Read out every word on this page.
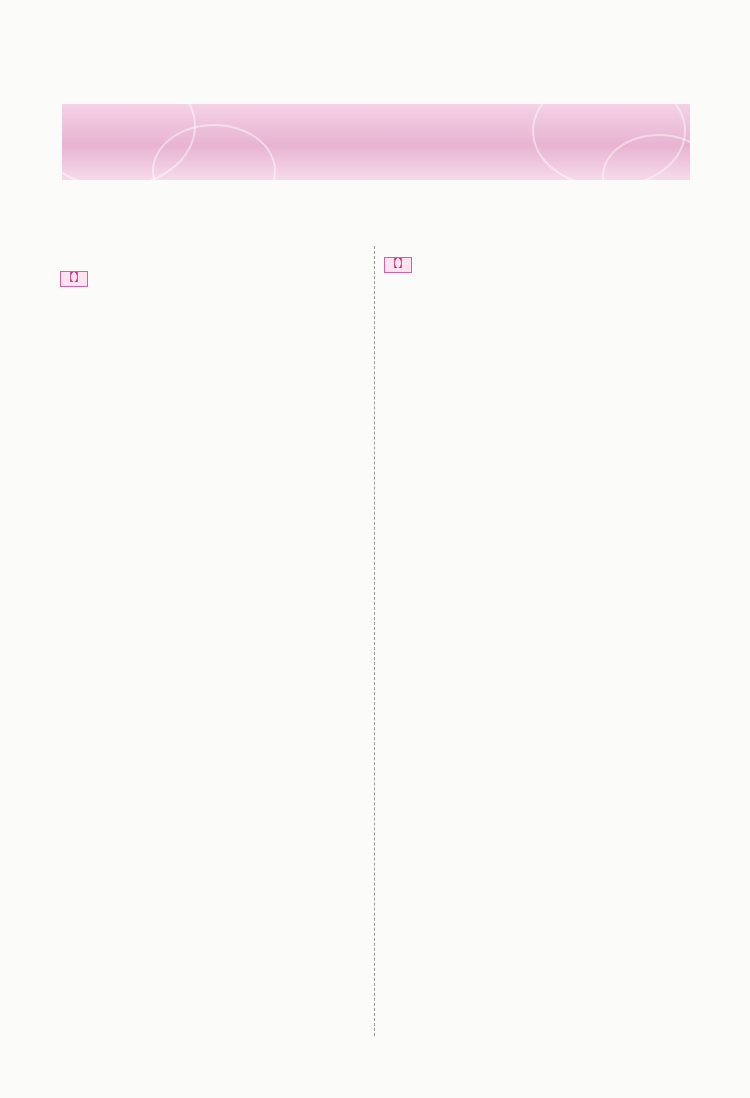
【】
【】
